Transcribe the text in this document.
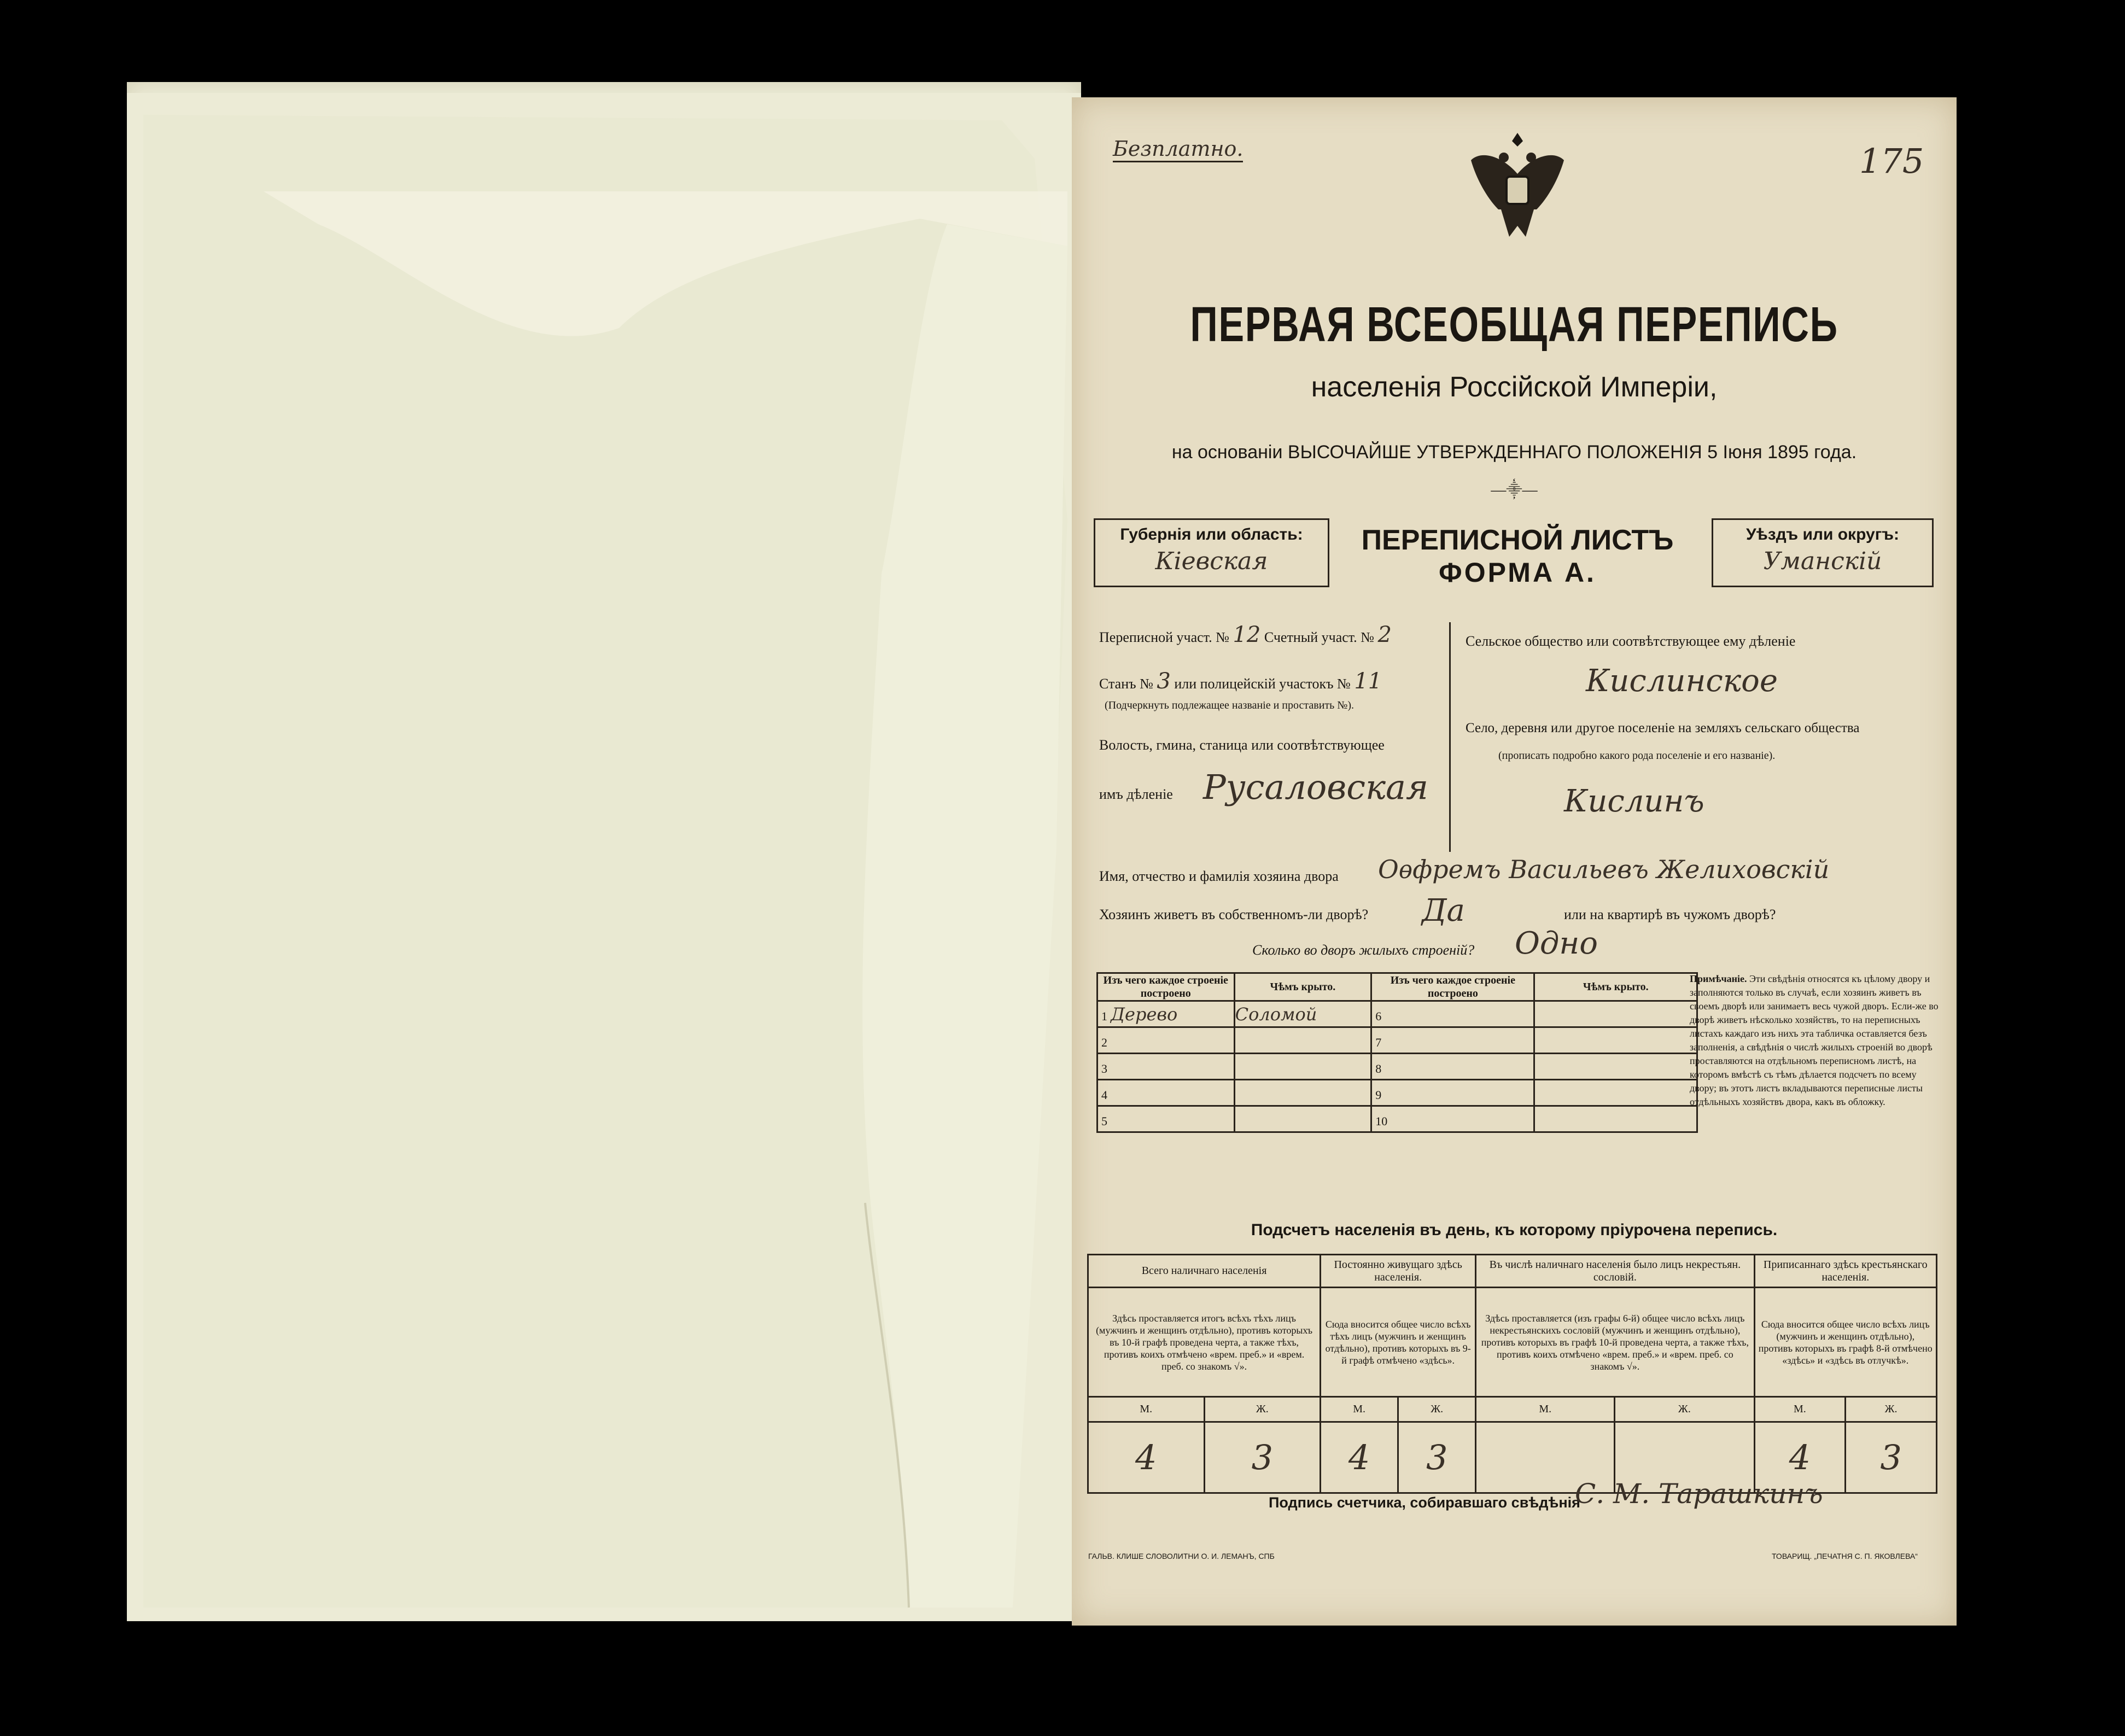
Безплатно.	175
ПЕРВАЯ ВСЕОБЩАЯ ПЕРЕПИСЬ
населенія Россійской Имперіи,
на основаніи ВЫСОЧАЙШЕ УТВЕРЖДЕННАГО ПОЛОЖЕНІЯ 5 Іюня 1895 года.
—⸎—
Губернія или область:
Кіевская
ПЕРЕПИСНОЙ ЛИСТЪ
ФОРМА А.
Уѣздъ или округъ:
Уманскій
Переписной участ. № 12 Счетный участ. № 2
Станъ № 3 или полицейскій участокъ № 11
(Подчеркнуть подлежащее названіе и проставить №).
Волость, гмина, станица или соотвѣтствующее
имъ дѣленіе Русаловская
Сельское общество или соотвѣтствующее ему дѣленіе
Кислинское
Село, деревня или другое поселеніе на земляхъ сельскаго общества
(прописать подробно какого рода поселеніе и его названіе).
Кислинъ
Имя, отчество и фамилія хозяина двора Оѳфремъ Васильевъ Желиховскій
Хозяинъ живетъ въ собственномъ-ли дворѣ? Да	или на квартирѣ въ чужомъ дворѣ?
Сколько во дворъ жилыхъ строеній? Одно
Изъ чего каждое строеніе построено	Чѣмъ крыто.	Изъ чего каждое строеніе построено	Чѣмъ крыто.
1 Дерево	Соломой	6	
2		7	
3		8	
4		9	
5		10	
Примѣчаніе. Эти свѣдѣнія относятся къ цѣлому двору и заполняются только въ случаѣ, если хозяинъ живетъ въ своемъ дворѣ или занимаетъ весь чужой дворъ. Если-же во дворѣ живетъ нѣсколько хозяйствъ, то на переписныхъ листахъ каждаго изъ нихъ эта табличка оставляется безъ заполненія, а свѣдѣнія о числѣ жилыхъ строеній во дворѣ проставляются на отдѣльномъ переписномъ листѣ, на которомъ вмѣстѣ съ тѣмъ дѣлается подсчетъ по всему двору; въ этотъ листъ вкладываются переписные листы отдѣльныхъ хозяйствъ двора, какъ въ обложку.
Подсчетъ населенія въ день, къ которому пріурочена перепись.
Всего наличнаго населенія		Постоянно живущаго здѣсь населенія.		Въ числѣ наличнаго населенія было лицъ некрестьян. сословій.		Приписаннаго здѣсь крестьянскаго населенія.	
Здѣсь проставляется итогъ всѣхъ тѣхъ лицъ (мужчинъ и женщинъ отдѣльно), противъ которыхъ въ 10-й графѣ проведена черта, а также тѣхъ, противъ коихъ отмѣчено «врем. преб.» и «врем. преб. со знакомъ √».		Сюда вносится общее число всѣхъ тѣхъ лицъ (мужчинъ и женщинъ отдѣльно), противъ которыхъ въ 9-й графѣ отмѣчено «здѣсь».		Здѣсь проставляется (изъ графы 6-й) общее число всѣхъ лицъ некрестьянскихъ сословій (мужчинъ и женщинъ отдѣльно), противъ которыхъ въ графѣ 10-й проведена черта, а также тѣхъ, противъ коихъ отмѣчено «врем. преб.» и «врем. преб. со знакомъ √».		Сюда вносится общее число всѣхъ лицъ (мужчинъ и женщинъ отдѣльно), противъ которыхъ въ графѣ 8-й отмѣчено «здѣсь» и «здѣсь въ отлучкѣ».	
М.	Ж.	М.	Ж.	М.	Ж.	М.	Ж.
4	3	4	3			4	3
Подпись счетчика, собиравшаго свѣдѣнія
С. М. Тарашкинъ
ГАЛЬВ. КЛИШЕ СЛОВОЛИТНИ О. И. ЛЕМАНЪ, СПБ	ТОВАРИЩ. „ПЕЧАТНЯ С. П. ЯКОВЛЕВА“
